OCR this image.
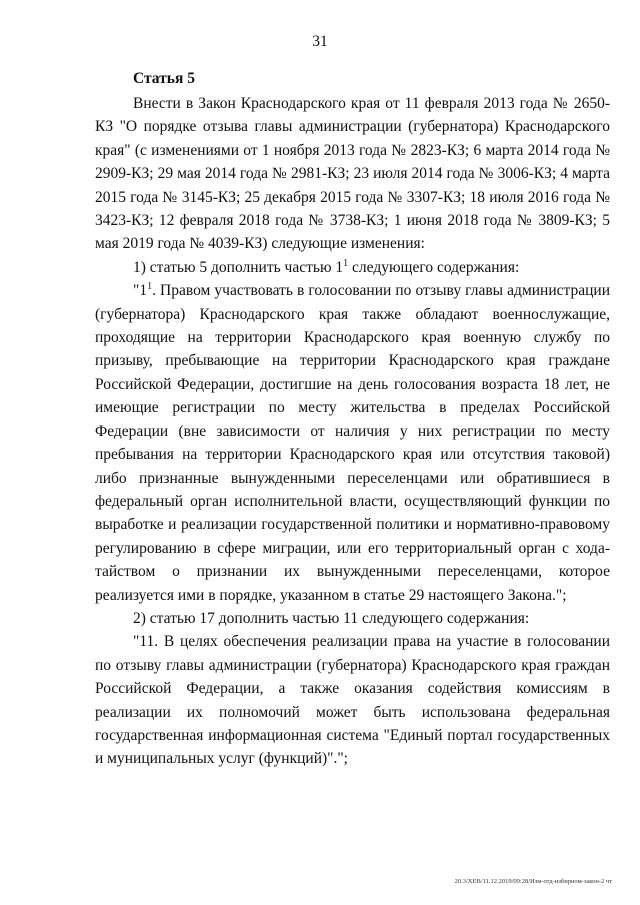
31
Статья 5

Внести в Закон Краснодарского края от 11 февраля 2013 года № 2650-КЗ "О порядке отзыва главы администрации (губернатора) Краснодарского края" (с изменениями от 1 ноября 2013 года № 2823-КЗ; 6 марта 2014 года № 2909-КЗ; 29 мая 2014 года № 2981-КЗ; 23 июля 2014 года № 3006-КЗ; 4 марта 2015 года № 3145-КЗ; 25 декабря 2015 года № 3307-КЗ; 18 июля 2016 года № 3423-КЗ; 12 февраля 2018 года № 3738-КЗ; 1 июня 2018 года № 3809-КЗ; 5 мая 2019 года № 4039-КЗ) следующие изменения:

1) статью 5 дополнить частью $1^1$ следующего содержания:

"$1^1$. Правом участвовать в голосовании по отзыву главы администрации (губернатора) Краснодарского края также обладают военнослужащие, проходящие на территории Краснодарского края военную службу по призыву, пребывающие на территории Краснодарского края граждане Российской Федерации, достигшие на день голосования возраста 18 лет, не имеющие регистрации по месту жительства в пределах Российской Федерации (вне зависимости от наличия у них регистрации по месту пребывания на территории Краснодарского края или отсутствия таковой) либо признанные вынужденными переселенцами или обратившиеся в федеральный орган исполнительной власти, осуществляющий функции по выработке и реализации государственной политики и нормативно-правовому регулированию в сфере миграции, или его территориальный орган с ходатайством о признании их вынужденными переселенцами, которое реализуется ими в порядке, указанном в статье 29 настоящего Закона.";

2) статью 17 дополнить частью 11 следующего содержания:

"11. В целях обеспечения реализации права на участие в голосовании по отзыву главы администрации (губернатора) Краснодарского края граждан Российской Федерации, а также оказания содействия комиссиям в реализации их полномочий может быть использована федеральная государственная информационная система "Единый портал государственных и муниципальных услуг (функций)".";

20.3/ХЕВ/11.12.2019/09:28/Изм-отд-избирном-закон-2 чт
